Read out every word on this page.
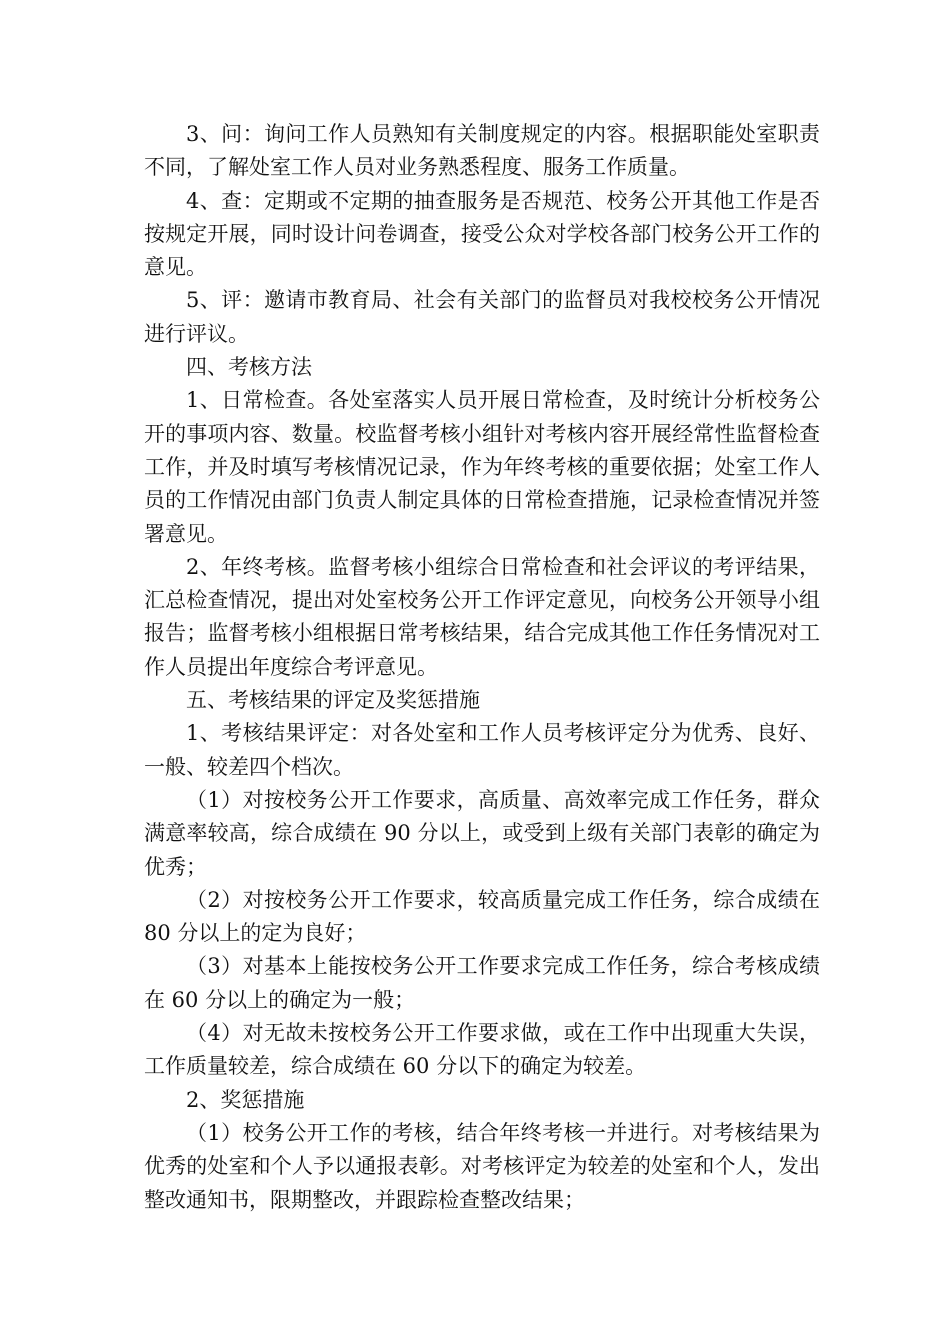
3、问：询问工作人员熟知有关制度规定的内容。根据职能处室职责不同，了解处室工作人员对业务熟悉程度、服务工作质量。

4、查：定期或不定期的抽查服务是否规范、校务公开其他工作是否按规定开展，同时设计问卷调查，接受公众对学校各部门校务公开工作的意见。

5、评：邀请市教育局、社会有关部门的监督员对我校校务公开情况进行评议。

四、考核方法

1、日常检查。各处室落实人员开展日常检查，及时统计分析校务公开的事项内容、数量。校监督考核小组针对考核内容开展经常性监督检查工作，并及时填写考核情况记录，作为年终考核的重要依据；处室工作人员的工作情况由部门负责人制定具体的日常检查措施，记录检查情况并签署意见。

2、年终考核。监督考核小组综合日常检查和社会评议的考评结果，汇总检查情况，提出对处室校务公开工作评定意见，向校务公开领导小组报告；监督考核小组根据日常考核结果，结合完成其他工作任务情况对工作人员提出年度综合考评意见。

五、考核结果的评定及奖惩措施

1、考核结果评定：对各处室和工作人员考核评定分为优秀、良好、一般、较差四个档次。

（1）对按校务公开工作要求，高质量、高效率完成工作任务，群众满意率较高，综合成绩在 90 分以上，或受到上级有关部门表彰的确定为优秀；

（2）对按校务公开工作要求，较高质量完成工作任务，综合成绩在80 分以上的定为良好；

（3）对基本上能按校务公开工作要求完成工作任务，综合考核成绩在 60 分以上的确定为一般；

（4）对无故未按校务公开工作要求做，或在工作中出现重大失误，工作质量较差，综合成绩在 60 分以下的确定为较差。

2、奖惩措施

（1）校务公开工作的考核，结合年终考核一并进行。对考核结果为优秀的处室和个人予以通报表彰。对考核评定为较差的处室和个人，发出整改通知书，限期整改，并跟踪检查整改结果；
